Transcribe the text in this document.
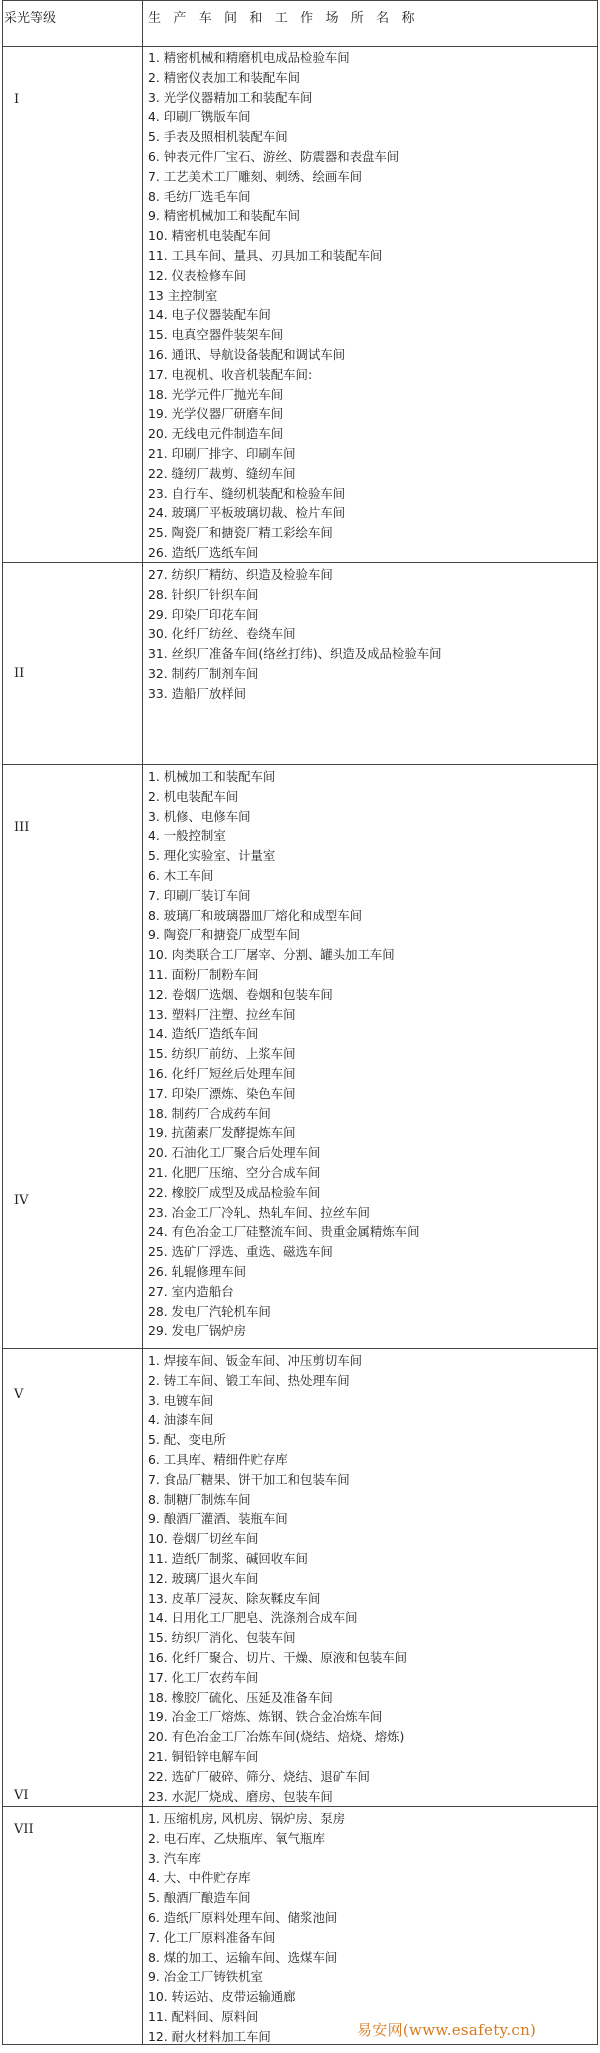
采光等级	生产车间和工作场所名称
I
II
III
IV
V
VI
VII
1. 精密机械和精磨机电成品检验车间
2. 精密仪表加工和装配车间
3. 光学仪器精加工和装配车间
4. 印刷厂镌版车间
5. 手表及照相机装配车间
6. 钟表元件厂宝石、游丝、防震器和表盘车间
7. 工艺美术工厂雕刻、刺绣、绘画车间
8. 毛纺厂选毛车间
9. 精密机械加工和装配车间
10. 精密机电装配车间
11. 工具车间、量具、刃具加工和装配车间
12. 仪表检修车间
13 主控制室
14. 电子仪器装配车间
15. 电真空器件装架车间
16. 通讯、导航设备装配和调试车间
17. 电视机、收音机装配车间:
18. 光学元件厂抛光车间
19. 光学仪器厂研磨车间
20. 无线电元件制造车间
21. 印刷厂排字、印刷车间
22. 缝纫厂裁剪、缝纫车间
23. 自行车、缝纫机装配和检验车间
24. 玻璃厂平板玻璃切裁、检片车间
25. 陶瓷厂和搪瓷厂精工彩绘车间
26. 造纸厂选纸车间
27. 纺织厂精纺、织造及检验车间
28. 针织厂针织车间
29. 印染厂印花车间
30. 化纤厂纺丝、卷绕车间
31. 丝织厂准备车间(络丝打纬)、织造及成品检验车间
32. 制药厂制剂车间
33. 造船厂放样间
1. 机械加工和装配车间
2. 机电装配车间
3. 机修、电修车间
4. 一般控制室
5. 理化实验室、计量室
6. 木工车间
7. 印刷厂装订车间
8. 玻璃厂和玻璃器皿厂熔化和成型车间
9. 陶瓷厂和搪瓷厂成型车间
10. 肉类联合工厂屠宰、分割、罐头加工车间
11. 面粉厂制粉车间
12. 卷烟厂选烟、卷烟和包装车间
13. 塑料厂注塑、拉丝车间
14. 造纸厂造纸车间
15. 纺织厂前纺、上浆车间
16. 化纤厂短丝后处理车间
17. 印染厂漂炼、染色车间
18. 制药厂合成药车间
19. 抗菌素厂发酵提炼车间
20. 石油化工厂聚合后处理车间
21. 化肥厂压缩、空分合成车间
22. 橡胶厂成型及成品检验车间
23. 冶金工厂冷轧、热轧车间、拉丝车间
24. 有色冶金工厂硅整流车间、贵重金属精炼车间
25. 选矿厂浮选、重选、磁选车间
26. 轧辊修理车间
27. 室内造船台
28. 发电厂汽轮机车间
29. 发电厂锅炉房
1. 焊接车间、钣金车间、冲压剪切车间
2. 铸工车间、锻工车间、热处理车间
3. 电镀车间
4. 油漆车间
5. 配、变电所
6. 工具库、精细件贮存库
7. 食品厂糖果、饼干加工和包装车间
8. 制糖厂制炼车间
9. 酿酒厂灌酒、装瓶车间
10. 卷烟厂切丝车间
11. 造纸厂制浆、碱回收车间
12. 玻璃厂退火车间
13. 皮革厂浸灰、除灰鞣皮车间
14. 日用化工厂肥皂、洗涤剂合成车间
15. 纺织厂消化、包装车间
16. 化纤厂聚合、切片、干燥、原液和包装车间
17. 化工厂农药车间
18. 橡胶厂硫化、压延及准备车间
19. 冶金工厂熔炼、炼钢、铁合金冶炼车间
20. 有色冶金工厂冶炼车间(烧结、焙烧、熔炼)
21. 铜铅锌电解车间
22. 选矿厂破碎、筛分、烧结、退矿车间
23. 水泥厂烧成、磨房、包装车间
1. 压缩机房, 风机房、锅炉房、泵房
2. 电石库、乙炔瓶库、氧气瓶库
3. 汽车库
4. 大、中件贮存库
5. 酿酒厂酿造车间
6. 造纸厂原料处理车间、储浆池间
7. 化工厂原料准备车间
8. 煤的加工、运输车间、选煤车间
9. 冶金工厂铸铁机室
10. 转运站、皮带运输通廊
11. 配料间、原料间
12. 耐火材料加工车间	易安网(www.esafety.cn)
